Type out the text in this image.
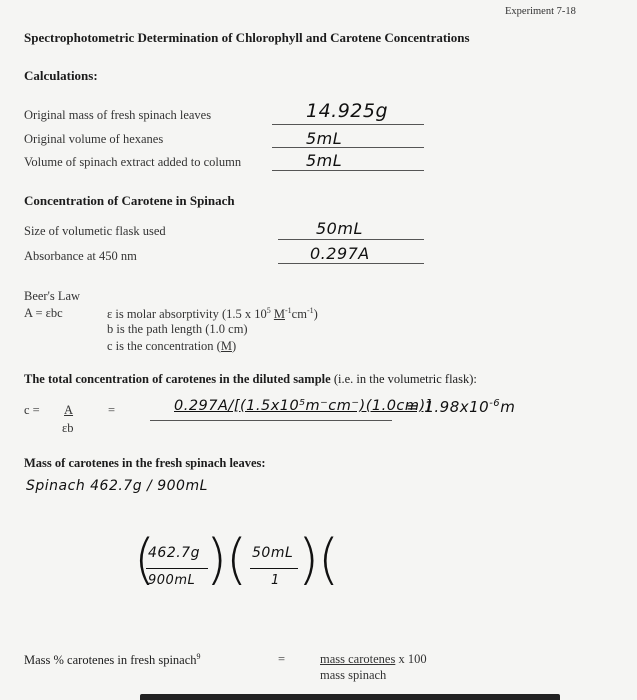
Experiment 7-18
Spectrophotometric Determination of Chlorophyll and Carotene Concentrations
Calculations:
Original mass of fresh spinach leaves	14.925g
Original volume of hexanes	5mL
Volume of spinach extract added to column	5mL
Concentration of Carotene in Spinach
Size of volumetic flask used	50mL
Absorbance at 450 nm	0.297A
Beer's Law
A = εbc	ε is molar absorptivity (1.5 x $10^5$ $M^{-1}cm^{-1}$)
b is the path length (1.0 cm)
c is the concentration (M)
The total concentration of carotenes in the diluted sample (i.e. in the volumetric flask):
c = A
εb
=	0.297A/[(1.5x10⁵m⁻cm⁻)(1.0cm)]
= $1.98x10^{-6}m$
Mass of carotenes in the fresh spinach leaves:
Spinach 462.7g / 900mL
(
462.7g
900mL )
( 50mL
1 )
(
Mass % carotenes in fresh spinach$^9$	=	mass carotenes x 100
mass spinach
